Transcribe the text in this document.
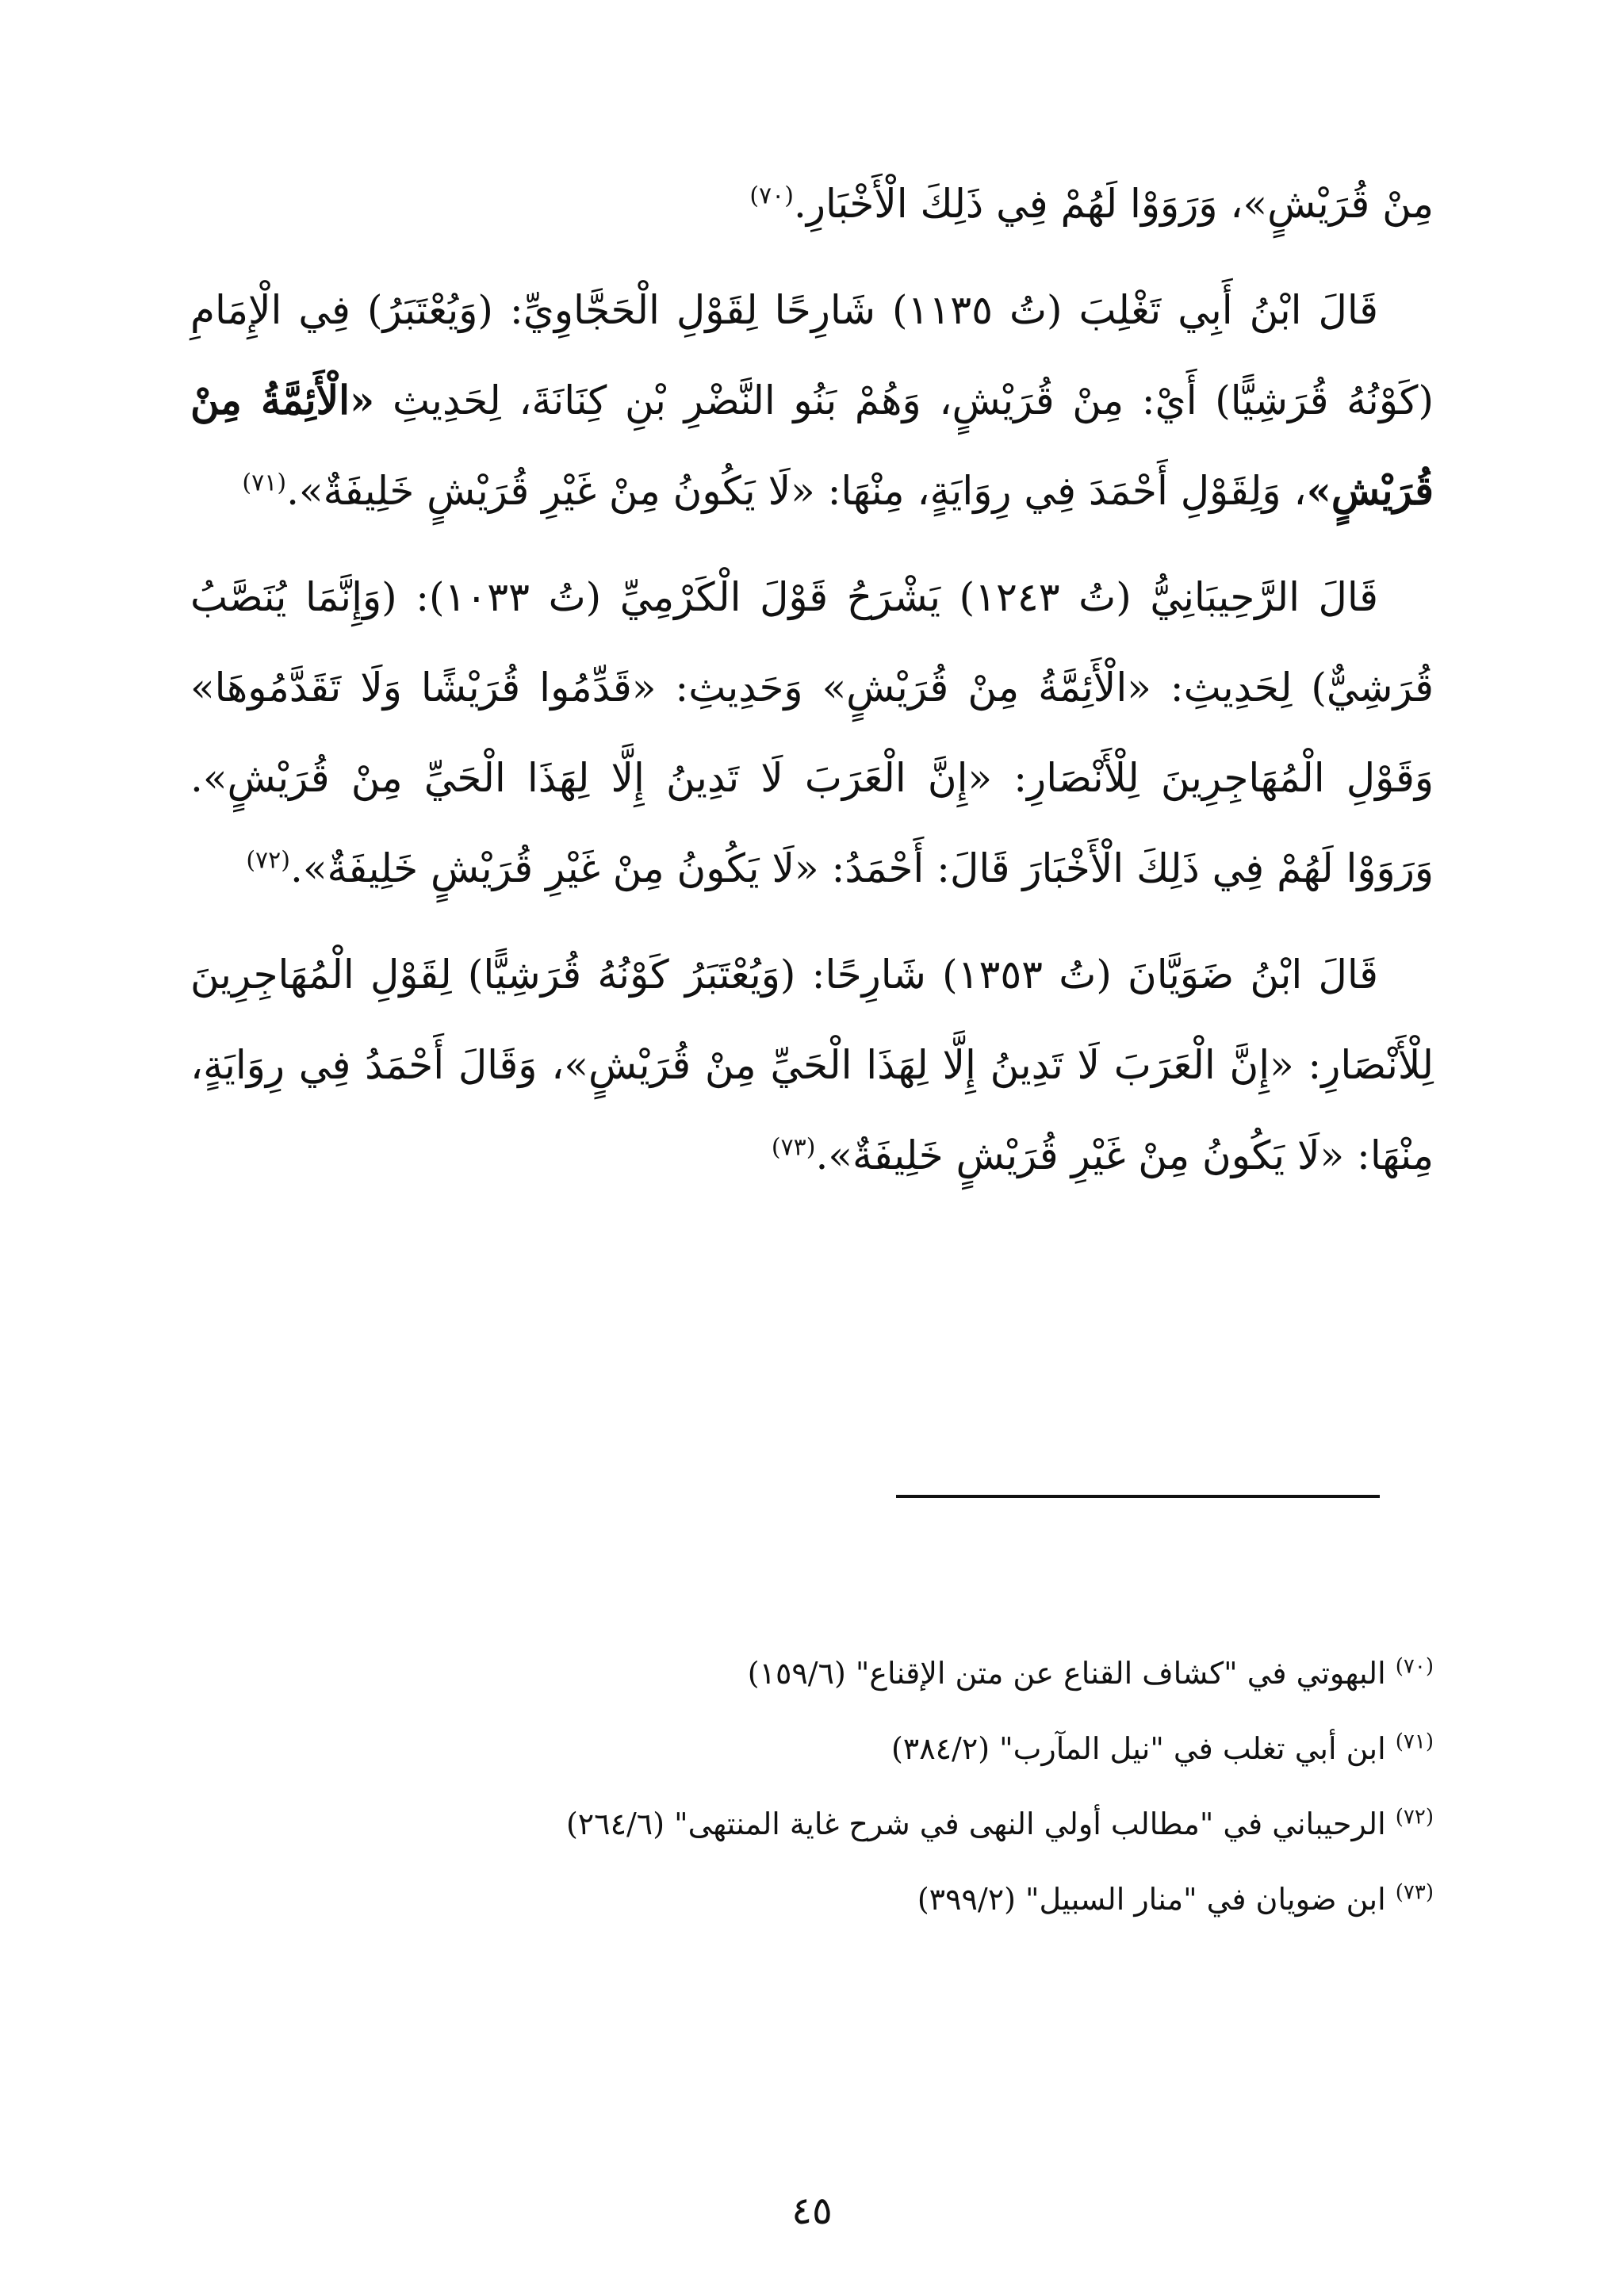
مِنْ قُرَيْشٍ»، وَرَوَوْا لَهُمْ فِي ذَلِكَ الْأَخْبَارِ.$^{(٧٠)}$

قَالَ ابْنُ أَبِي تَغْلِبَ (تُ ١١٣٥) شَارِحًا لِقَوْلِ الْحَجَّاوِيِّ: (وَيُعْتَبَرُ) فِي الْإِمَامِ (كَوْنُهُ قُرَشِيًّا) أَيْ: مِنْ قُرَيْشٍ، وَهُمْ بَنُو النَّضْرِ بْنِ كِنَانَةَ، لِحَدِيثِ «الْأَئِمَّةُ مِنْ قُرَيْشٍ»، وَلِقَوْلِ أَحْمَدَ فِي رِوَايَةٍ، مِنْهَا: «لَا يَكُونُ مِنْ غَيْرِ قُرَيْشٍ خَلِيفَةٌ».$^{(٧١)}$

قَالَ الرَّحِيبَانِيُّ (تُ ١٢٤٣) يَشْرَحُ قَوْلَ الْكَرْمِيِّ (تُ ١٠٣٣): (وَإِنَّمَا يُنَصَّبُ قُرَشِيٌّ) لِحَدِيثِ: «الْأَئِمَّةُ مِنْ قُرَيْشٍ» وَحَدِيثِ: «قَدِّمُوا قُرَيْشًا وَلَا تَقَدَّمُوهَا» وَقَوْلِ الْمُهَاجِرِينَ لِلْأَنْصَارِ: «إِنَّ الْعَرَبَ لَا تَدِينُ إِلَّا لِهَذَا الْحَيِّ مِنْ قُرَيْشٍ». وَرَوَوْا لَهُمْ فِي ذَلِكَ الْأَخْبَارَ قَالَ: أَحْمَدُ: «لَا يَكُونُ مِنْ غَيْرِ قُرَيْشٍ خَلِيفَةٌ».$^{(٧٢)}$

قَالَ ابْنُ ضَوَيَّانَ (تُ ١٣٥٣) شَارِحًا: (وَيُعْتَبَرُ كَوْنُهُ قُرَشِيًّا) لِقَوْلِ الْمُهَاجِرِينَ لِلْأَنْصَارِ: «إِنَّ الْعَرَبَ لَا تَدِينُ إِلَّا لِهَذَا الْحَيِّ مِنْ قُرَيْشٍ»، وَقَالَ أَحْمَدُ فِي رِوَايَةٍ، مِنْهَا: «لَا يَكُونُ مِنْ غَيْرِ قُرَيْشٍ خَلِيفَةٌ».$^{(٧٣)}$

$^{(٧٠)}$ البهوتي في "كشاف القناع عن متن الإقناع" (١٥٩/٦)
$^{(٧١)}$ ابن أبي تغلب في "نيل المآرب" (٣٨٤/٢)
$^{(٧٢)}$ الرحيباني في "مطالب أولي النهى في شرح غاية المنتهى" (٢٦٤/٦)
$^{(٧٣)}$ ابن ضويان في "منار السبيل" (٣٩٩/٢)
٤٥
